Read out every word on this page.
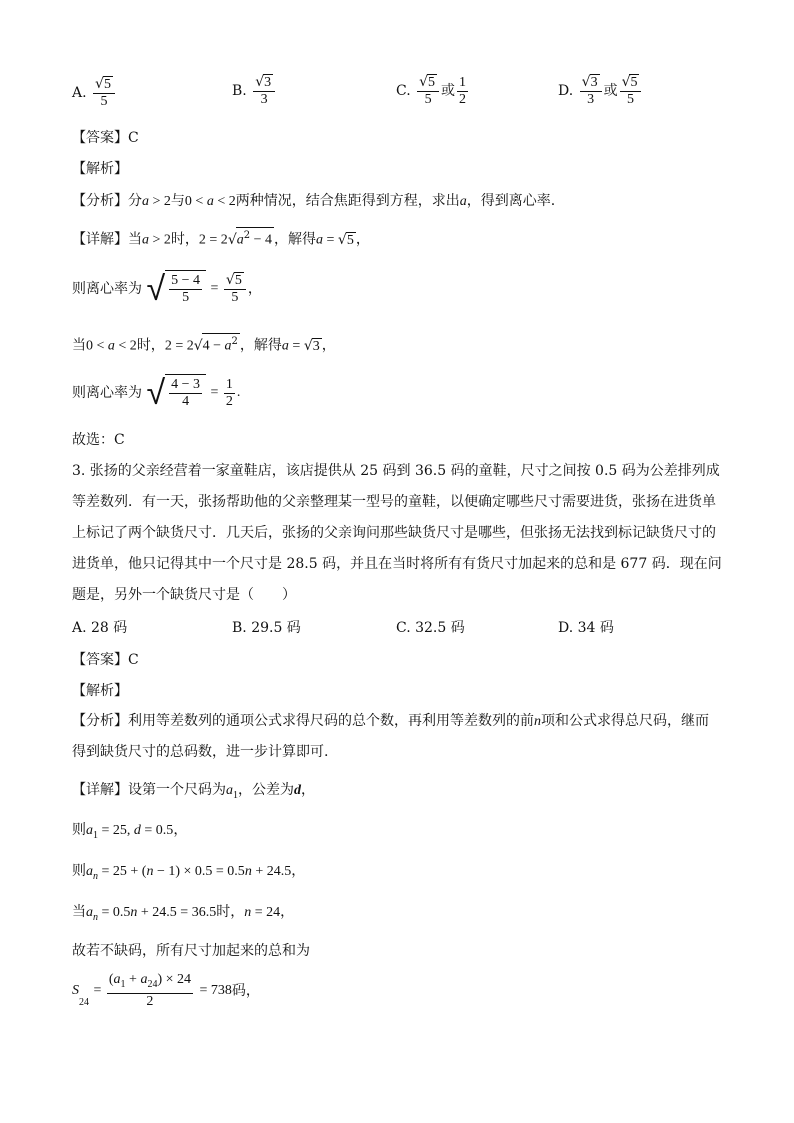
A. $\frac{√5}{5}$	B. $\frac{√3}{3}$	C. $\frac{√5}{5}$ 或 $\frac{1}{2}$	D. $\frac{√3}{3}$ 或 $\frac{√5}{5}$
【答案】C
【解析】
【分析】分a > 2与0 < a < 2两种情况，结合焦距得到方程，求出a，得到离心率.
【详解】当a > 2时，$2 = 2√a^2 - 4$ ，解得a = √5 ，
则离心率为 √ $\frac{5 - 4}{5} = \frac{√5}{5}$ ，
当0 < a < 2时，$2 = 2√4 - a^2$ ，解得a = √3 ，
则离心率为 √ $\frac{4 - 3}{4} = \frac{1}{2}$ .
故选：C
3. 张扬的父亲经营着一家童鞋店，该店提供从 25 码到 36.5 码的童鞋，尺寸之间按 0.5 码为公差排列成等差数列．有一天，张扬帮助他的父亲整理某一型号的童鞋，以便确定哪些尺寸需要进货，张扬在进货单上标记了两个缺货尺寸．几天后，张扬的父亲询问那些缺货尺寸是哪些，但张扬无法找到标记缺货尺寸的进货单，他只记得其中一个尺寸是 28.5 码，并且在当时将所有有货尺寸加起来的总和是 677 码．现在问题是，另外一个缺货尺寸是（　　）
A. 28 码	B. 29.5 码	C. 32.5 码	D. 34 码
【答案】C
【解析】
【分析】利用等差数列的通项公式求得尺码的总个数，再利用等差数列的前n项和公式求得总尺码，继而得到缺货尺寸的总码数，进一步计算即可.
【详解】设第一个尺码为$a_1$，公差为d，
则$a_1 = 25$, d = 0.5，
则$a_n = 25 + (n - 1) \times 0.5 = 0.5n + 24.5$，
当$a_n = 0.5n + 24.5 = 36.5$时，n = 24，
故若不缺码，所有尺寸加起来的总和为
$S_{24} = \frac{(a_1 + a_{24}) \times 24}{2} = 738$码，
